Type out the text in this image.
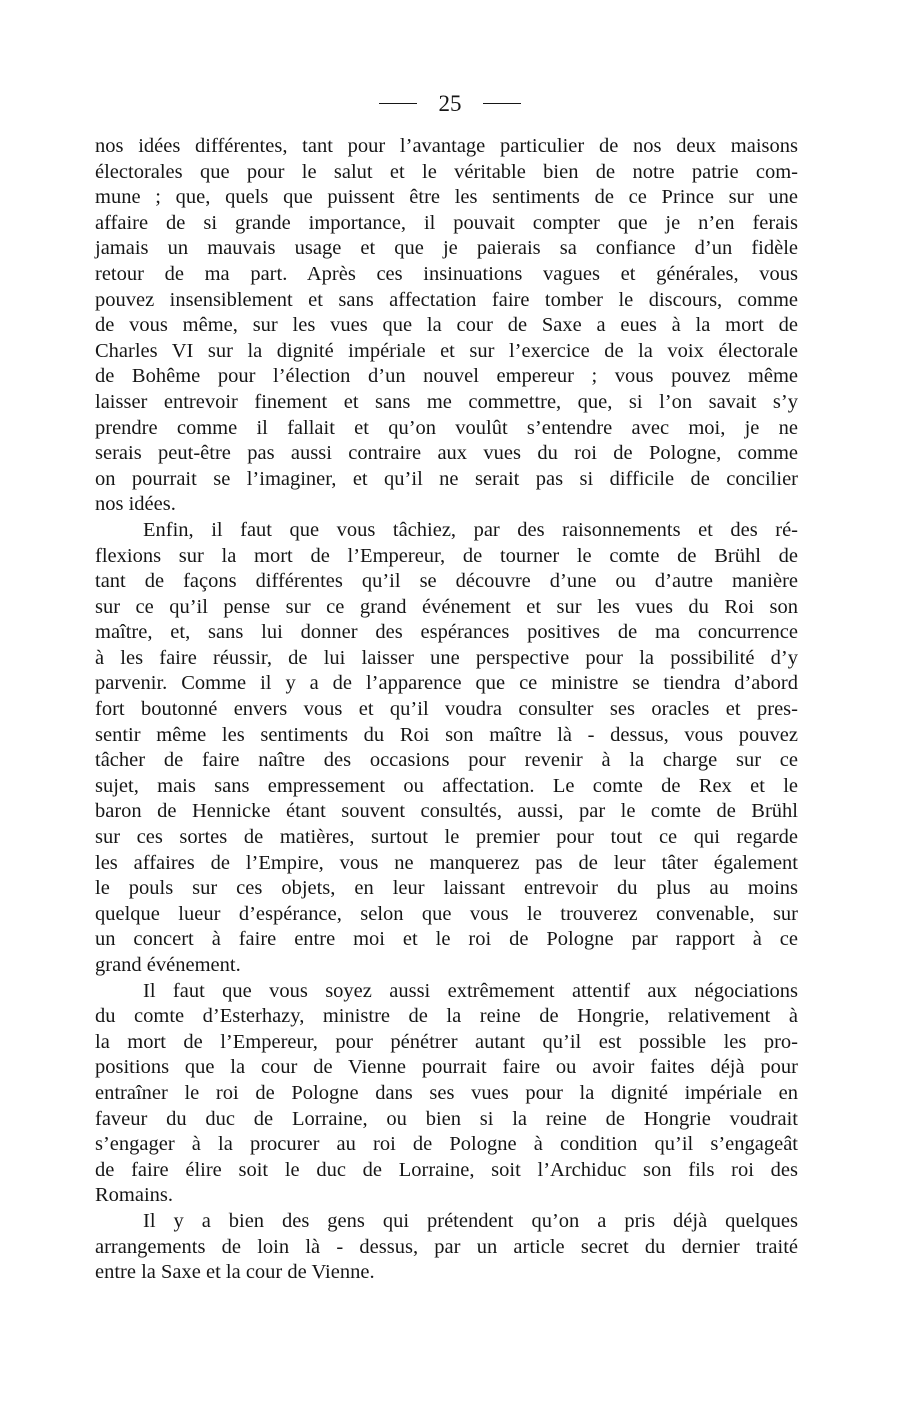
25
nos idées différentes, tant pour l’avantage particulier de nos deux maisons
électorales que pour le salut et le véritable bien de notre patrie com-
mune ; que, quels que puissent être les sentiments de ce Prince sur une
affaire de si grande importance, il pouvait compter que je n’en ferais
jamais un mauvais usage et que je paierais sa confiance d’un fidèle
retour de ma part. Après ces insinuations vagues et générales, vous
pouvez insensiblement et sans affectation faire tomber le discours, comme
de vous même, sur les vues que la cour de Saxe a eues à la mort de
Charles VI sur la dignité impériale et sur l’exercice de la voix électorale
de Bohême pour l’élection d’un nouvel empereur ; vous pouvez même
laisser entrevoir finement et sans me commettre, que, si l’on savait s’y
prendre comme il fallait et qu’on voulût s’entendre avec moi, je ne
serais peut-être pas aussi contraire aux vues du roi de Pologne, comme
on pourrait se l’imaginer, et qu’il ne serait pas si difficile de concilier
nos idées.
Enfin, il faut que vous tâchiez, par des raisonnements et des ré-
flexions sur la mort de l’Empereur, de tourner le comte de Brühl de
tant de façons différentes qu’il se découvre d’une ou d’autre manière
sur ce qu’il pense sur ce grand événement et sur les vues du Roi son
maître, et, sans lui donner des espérances positives de ma concurrence
à les faire réussir, de lui laisser une perspective pour la possibilité d’y
parvenir. Comme il y a de l’apparence que ce ministre se tiendra d’abord
fort boutonné envers vous et qu’il voudra consulter ses oracles et pres-
sentir même les sentiments du Roi son maître là - dessus, vous pouvez
tâcher de faire naître des occasions pour revenir à la charge sur ce
sujet, mais sans empressement ou affectation. Le comte de Rex et le
baron de Hennicke étant souvent consultés, aussi, par le comte de Brühl
sur ces sortes de matières, surtout le premier pour tout ce qui regarde
les affaires de l’Empire, vous ne manquerez pas de leur tâter également
le pouls sur ces objets, en leur laissant entrevoir du plus au moins
quelque lueur d’espérance, selon que vous le trouverez convenable, sur
un concert à faire entre moi et le roi de Pologne par rapport à ce
grand événement.
Il faut que vous soyez aussi extrêmement attentif aux négociations
du comte d’Esterhazy, ministre de la reine de Hongrie, relativement à
la mort de l’Empereur, pour pénétrer autant qu’il est possible les pro-
positions que la cour de Vienne pourrait faire ou avoir faites déjà pour
entraîner le roi de Pologne dans ses vues pour la dignité impériale en
faveur du duc de Lorraine, ou bien si la reine de Hongrie voudrait
s’engager à la procurer au roi de Pologne à condition qu’il s’engageât
de faire élire soit le duc de Lorraine, soit l’Archiduc son fils roi des
Romains.
Il y a bien des gens qui prétendent qu’on a pris déjà quelques
arrangements de loin là - dessus, par un article secret du dernier traité
entre la Saxe et la cour de Vienne.
